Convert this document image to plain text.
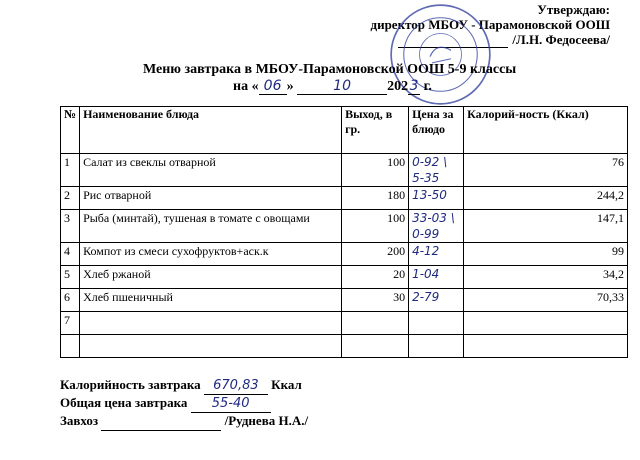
Утверждаю:
директор МБОУ - Парамоновской ООШ
/Л.Н. Федосеева/
Меню завтрака в МБОУ-Парамоновской ООШ 5-9 классы
на « 06 »	10	202 3 г.
№	Наименование блюда	Выход, в гр.	Цена за блюдо	Калорий-ность (Ккал)
1	Салат из свеклы отварной	100	0-92 \ 5-35	76
2	Рис отварной	180	13-50	244,2
3	Рыба (минтай), тушеная в томате с овощами	100	33-03 \ 0-99	147,1
4	Компот из смеси сухофруктов+аск.к	200	4-12	99
5	Хлеб ржаной	20	1-04	34,2
6	Хлеб пшеничный	30	2-79	70,33
7				

Калорийность завтрака 670,83 Ккал
Общая цена завтрака 55-40
Завхоз	/Руднева Н.А./
